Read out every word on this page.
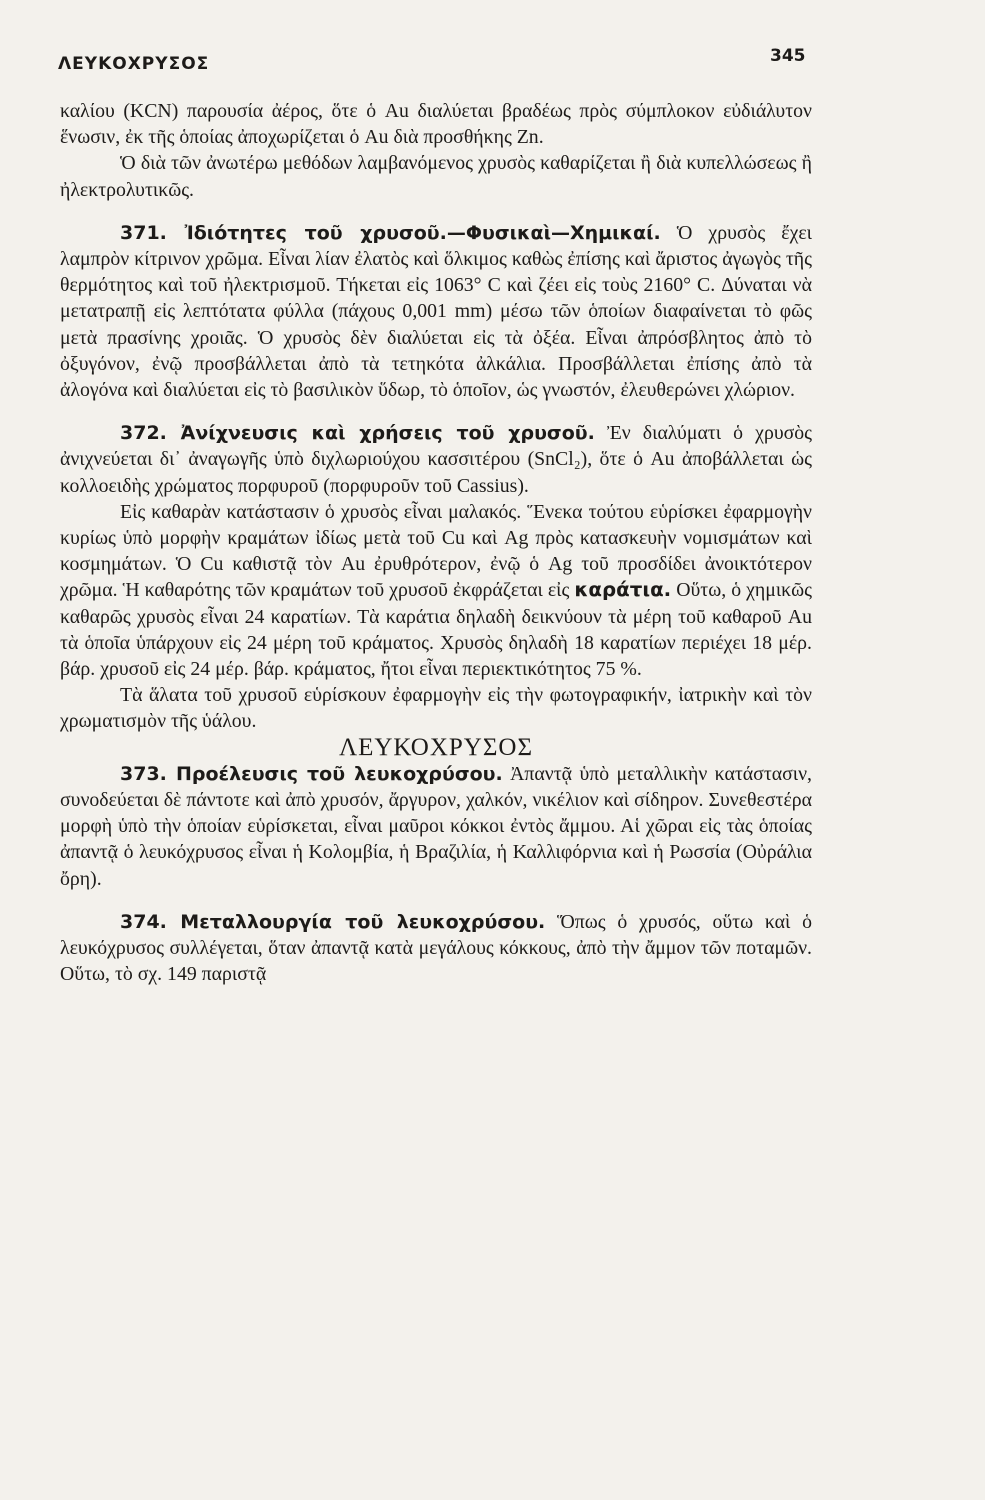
ΛΕΥΚΟΧΡΥΣΟΣ	345

καλίου (KCN) παρουσία ἀέρος, ὅτε ὁ Au διαλύεται βραδέως πρὸς σύμπλοκον εὐδιάλυτον ἕνωσιν, ἐκ τῆς ὁποίας ἀποχωρίζεται ὁ Au διὰ προσθήκης Zn.

Ὁ διὰ τῶν ἀνωτέρω μεθόδων λαμβανόμενος χρυσὸς καθαρίζεται ἢ διὰ κυπελλώσεως ἢ ἠλεκτρολυτικῶς.

371. Ἰδιότητες τοῦ χρυσοῦ.—Φυσικαὶ—Χημικαί. Ὁ χρυσὸς ἔχει λαμπρὸν κίτρινον χρῶμα. Εἶναι λίαν ἐλατὸς καὶ ὅλκιμος καθὼς ἐπίσης καὶ ἄριστος ἀγωγὸς τῆς θερμότητος καὶ τοῦ ἠλεκτρισμοῦ. Τήκεται εἰς 1063° C καὶ ζέει εἰς τοὺς 2160° C. Δύναται νὰ μετατραπῇ εἰς λεπτότατα φύλλα (πάχους 0,001 mm) μέσω τῶν ὁποίων διαφαίνεται τὸ φῶς μετὰ πρασίνης χροιᾶς. Ὁ χρυσὸς δὲν διαλύεται εἰς τὰ ὀξέα. Εἶναι ἀπρόσβλητος ἀπὸ τὸ ὀξυγόνον, ἐνῷ προσβάλλεται ἀπὸ τὰ τετηκότα ἀλκάλια. Προσβάλλεται ἐπίσης ἀπὸ τὰ ἀλογόνα καὶ διαλύεται εἰς τὸ βασιλικὸν ὕδωρ, τὸ ὁποῖον, ὡς γνωστόν, ἐλευθερώνει χλώριον.

372. Ἀνίχνευσις καὶ χρήσεις τοῦ χρυσοῦ. Ἐν διαλύματι ὁ χρυσὸς ἀνιχνεύεται δι᾽ ἀναγωγῆς ὑπὸ διχλωριούχου κασσιτέρου (SnCl₂), ὅτε ὁ Au ἀποβάλλεται ὡς κολλοειδὴς χρώματος πορφυροῦ (πορφυροῦν τοῦ Cassius).

Εἰς καθαρὰν κατάστασιν ὁ χρυσὸς εἶναι μαλακός. Ἕνεκα τούτου εὑρίσκει ἐφαρμογὴν κυρίως ὑπὸ μορφὴν κραμάτων ἰδίως μετὰ τοῦ Cu καὶ Ag πρὸς κατασκευὴν νομισμάτων καὶ κοσμημάτων. Ὁ Cu καθιστᾷ τὸν Au ἐρυθρότερον, ἐνῷ ὁ Ag τοῦ προσδίδει ἀνοικτότερον χρῶμα. Ἡ καθαρότης τῶν κραμάτων τοῦ χρυσοῦ ἐκφράζεται εἰς καράτια. Οὕτω, ὁ χημικῶς καθαρῶς χρυσὸς εἶναι 24 καρατίων. Τὰ καράτια δηλαδὴ δεικνύουν τὰ μέρη τοῦ καθαροῦ Au τὰ ὁποῖα ὑπάρχουν εἰς 24 μέρη τοῦ κράματος. Χρυσὸς δηλαδὴ 18 καρατίων περιέχει 18 μέρ. βάρ. χρυσοῦ εἰς 24 μέρ. βάρ. κράματος, ἤτοι εἶναι περιεκτικότητος 75 %.

Τὰ ἅλατα τοῦ χρυσοῦ εὑρίσκουν ἐφαρμογὴν εἰς τὴν φωτογραφικήν, ἰατρικὴν καὶ τὸν χρωματισμὸν τῆς ὑάλου.

ΛΕΥΚΟΧΡΥΣΟΣ

373. Προέλευσις τοῦ λευκοχρύσου. Ἀπαντᾷ ὑπὸ μεταλλικὴν κατάστασιν, συνοδεύεται δὲ πάντοτε καὶ ἀπὸ χρυσόν, ἄργυρον, χαλκόν, νικέλιον καὶ σίδηρον. Συνεθεστέρα μορφὴ ὑπὸ τὴν ὁποίαν εὑρίσκεται, εἶναι μαῦροι κόκκοι ἐντὸς ἄμμου. Αἱ χῶραι εἰς τὰς ὁποίας ἀπαντᾷ ὁ λευκόχρυσος εἶναι ἡ Κολομβία, ἡ Βραζιλία, ἡ Καλλιφόρνια καὶ ἡ Ρωσσία (Οὐράλια ὄρη).

374. Μεταλλουργία τοῦ λευκοχρύσου. Ὅπως ὁ χρυσός, οὕτω καὶ ὁ λευκόχρυσος συλλέγεται, ὅταν ἀπαντᾷ κατὰ μεγάλους κόκκους, ἀπὸ τὴν ἄμμον τῶν ποταμῶν. Οὕτω, τὸ σχ. 149 παριστᾷ
